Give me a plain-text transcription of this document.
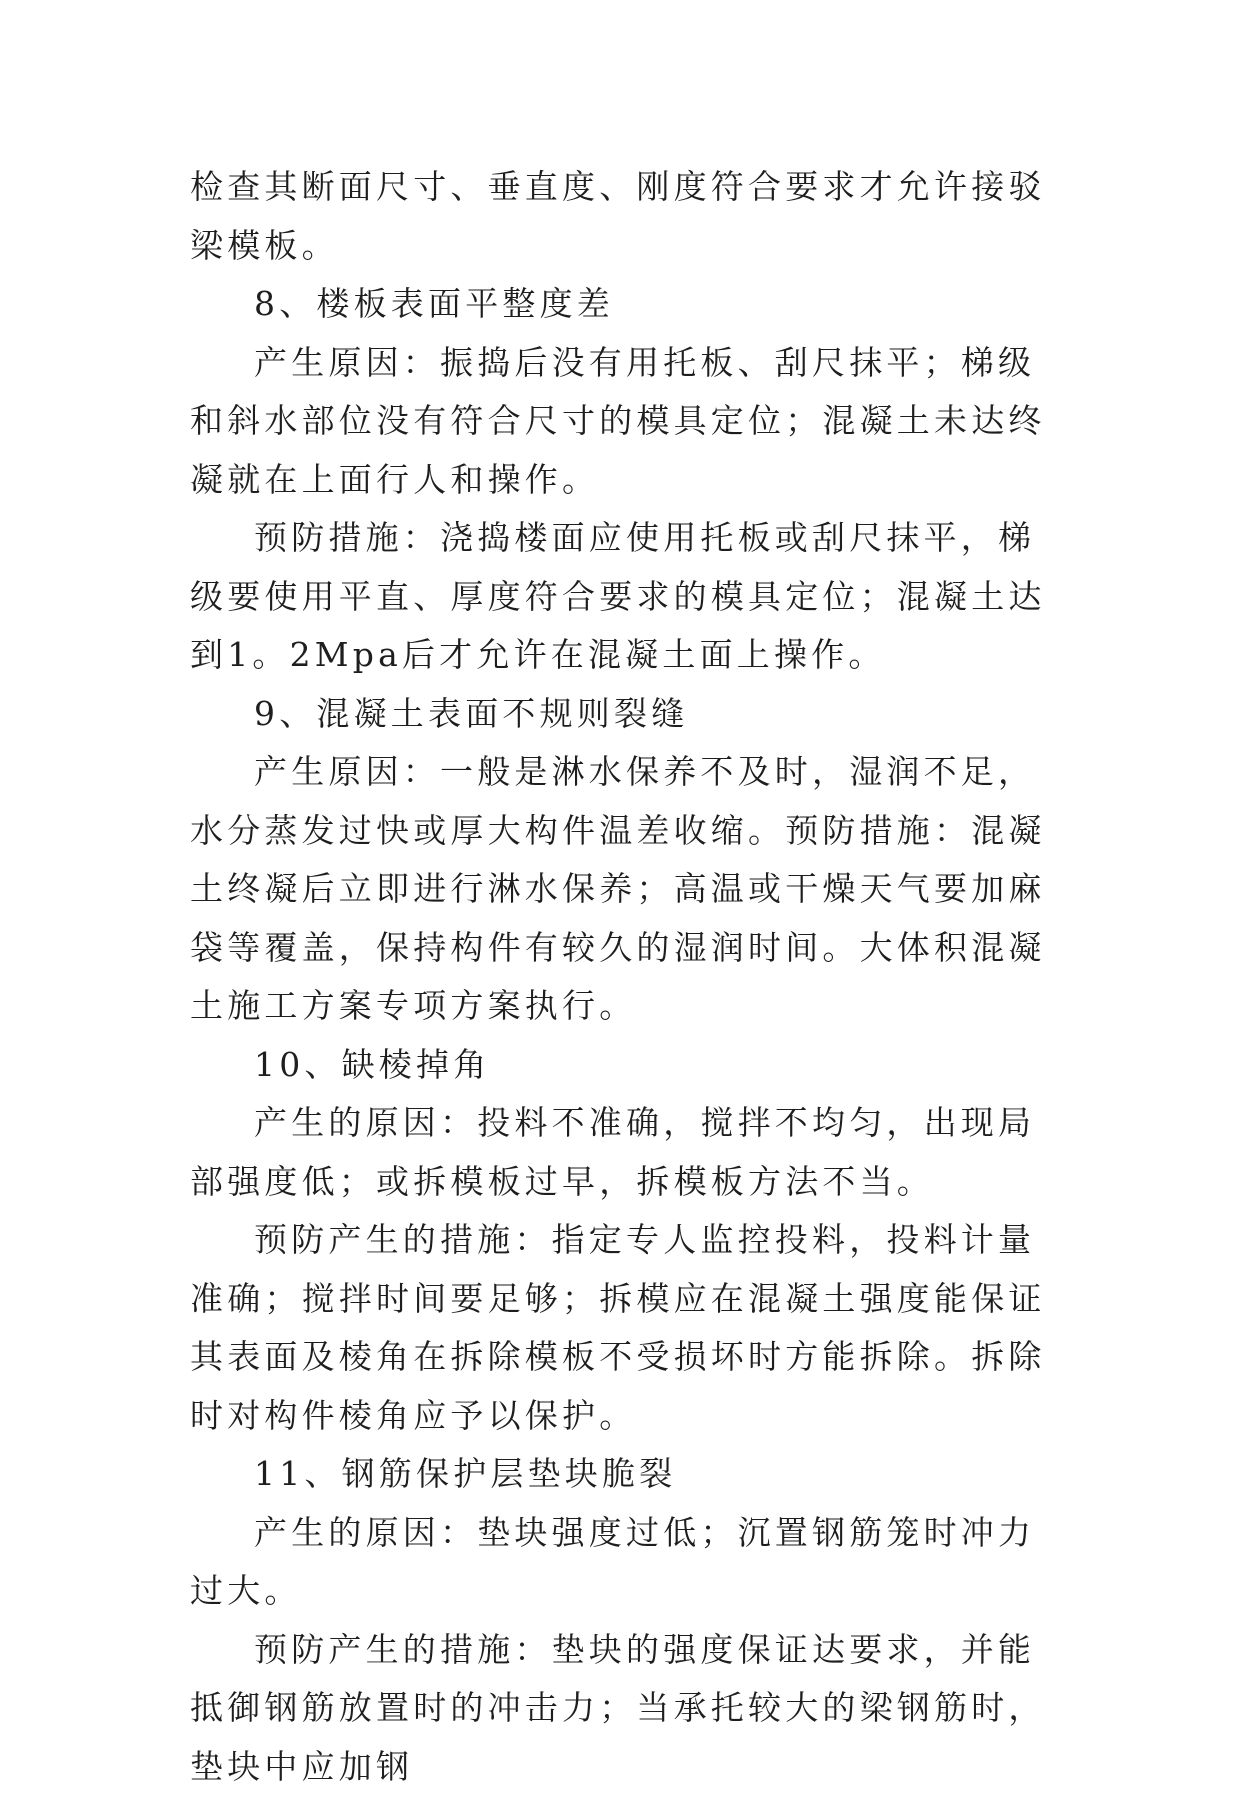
检查其断面尺寸、垂直度、刚度符合要求才允许接驳梁模板。

8、楼板表面平整度差

产生原因：振捣后没有用托板、刮尺抹平；梯级和斜水部位没有符合尺寸的模具定位；混凝土未达终凝就在上面行人和操作。

预防措施：浇捣楼面应使用托板或刮尺抹平，梯级要使用平直、厚度符合要求的模具定位；混凝土达到1。2Mpa后才允许在混凝土面上操作。

9、混凝土表面不规则裂缝

产生原因：一般是淋水保养不及时，湿润不足，水分蒸发过快或厚大构件温差收缩。预防措施：混凝土终凝后立即进行淋水保养；高温或干燥天气要加麻袋等覆盖，保持构件有较久的湿润时间。大体积混凝土施工方案专项方案执行。

10、缺棱掉角

产生的原因：投料不准确，搅拌不均匀，出现局部强度低；或拆模板过早，拆模板方法不当。

预防产生的措施：指定专人监控投料，投料计量准确；搅拌时间要足够；拆模应在混凝土强度能保证其表面及棱角在拆除模板不受损坏时方能拆除。拆除时对构件棱角应予以保护。

11、钢筋保护层垫块脆裂

产生的原因：垫块强度过低；沉置钢筋笼时冲力过大。

预防产生的措施：垫块的强度保证达要求，并能抵御钢筋放置时的冲击力；当承托较大的梁钢筋时，垫块中应加钢
